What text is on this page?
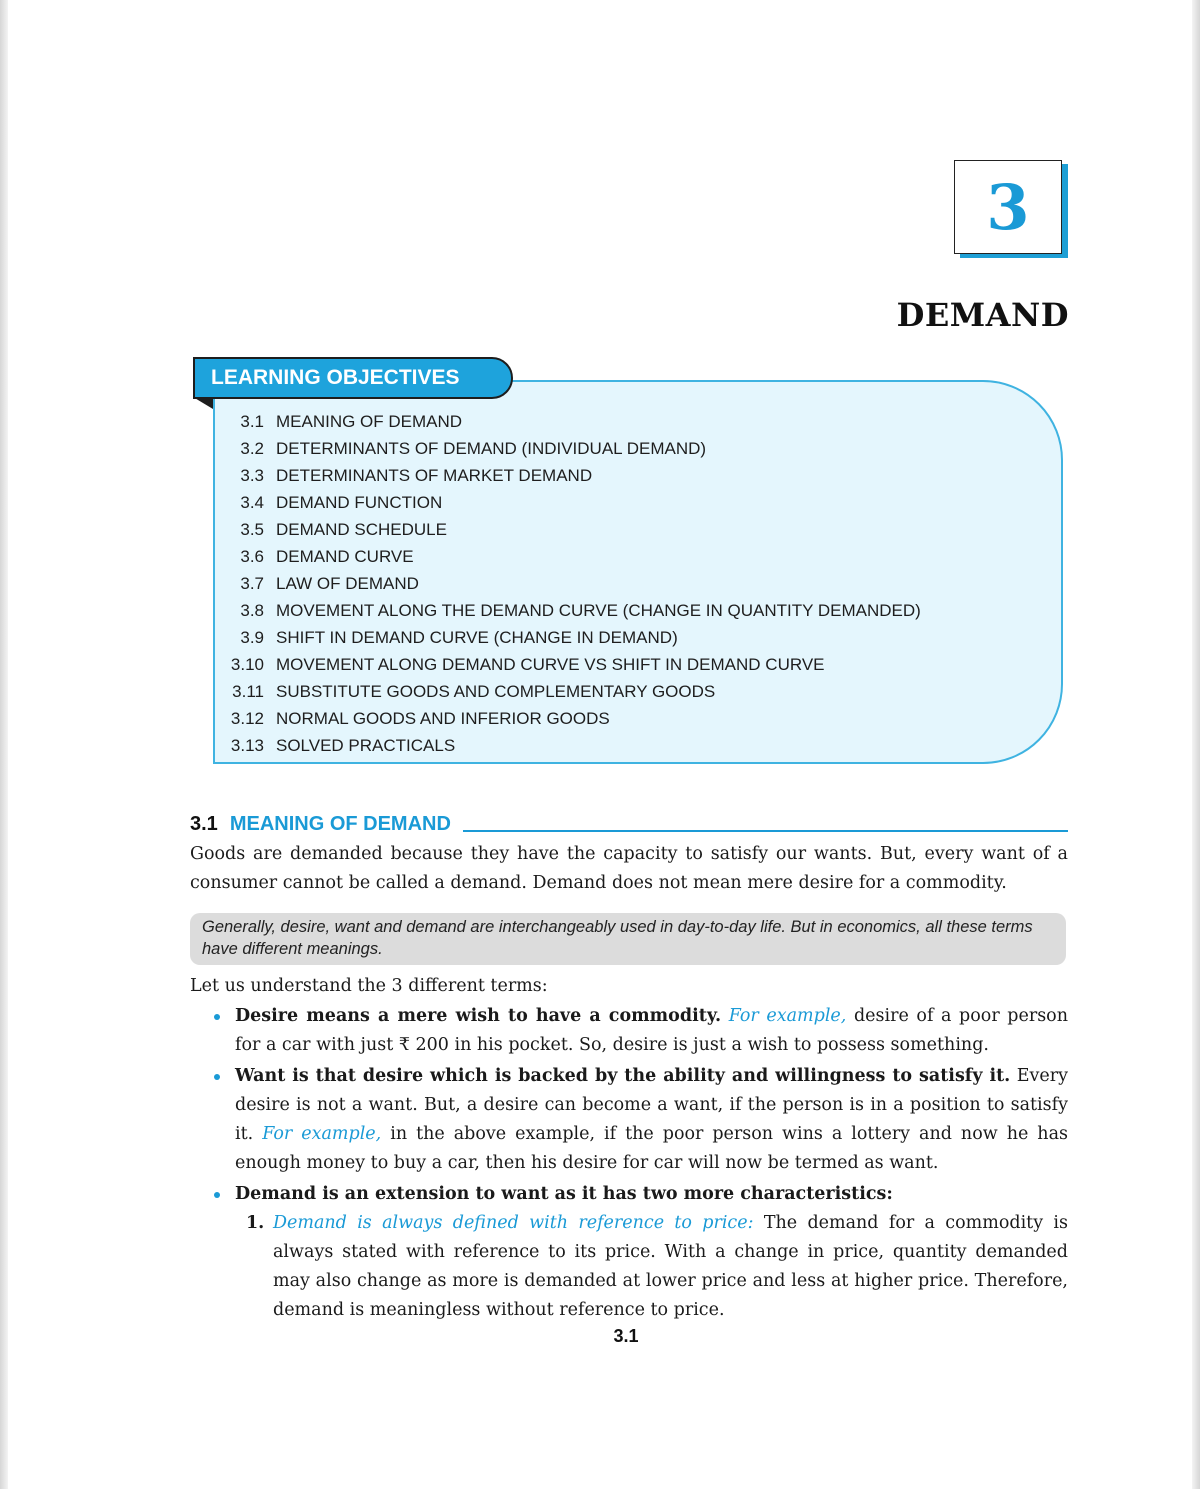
3
DEMAND
LEARNING OBJECTIVES
3.1 MEANING OF DEMAND
3.2 DETERMINANTS OF DEMAND (INDIVIDUAL DEMAND)
3.3 DETERMINANTS OF MARKET DEMAND
3.4 DEMAND FUNCTION
3.5 DEMAND SCHEDULE
3.6 DEMAND CURVE
3.7 LAW OF DEMAND
3.8 MOVEMENT ALONG THE DEMAND CURVE (CHANGE IN QUANTITY DEMANDED)
3.9 SHIFT IN DEMAND CURVE (CHANGE IN DEMAND)
3.10 MOVEMENT ALONG DEMAND CURVE VS SHIFT IN DEMAND CURVE
3.11 SUBSTITUTE GOODS AND COMPLEMENTARY GOODS
3.12 NORMAL GOODS AND INFERIOR GOODS
3.13 SOLVED PRACTICALS
3.1 MEANING OF DEMAND

Goods are demanded because they have the capacity to satisfy our wants. But, every want of a consumer cannot be called a demand. Demand does not mean mere desire for a commodity.

Generally, desire, want and demand are interchangeably used in day-to-day life. But in economics, all these terms have different meanings.

Let us understand the 3 different terms:

Desire means a mere wish to have a commodity. For example, desire of a poor person for a car with just ₹ 200 in his pocket. So, desire is just a wish to possess something.
Want is that desire which is backed by the ability and willingness to satisfy it. Every desire is not a want. But, a desire can become a want, if the person is in a position to satisfy it. For example, in the above example, if the poor person wins a lottery and now he has enough money to buy a car, then his desire for car will now be termed as want.
Demand is an extension to want as it has two more characteristics:
1. Demand is always defined with reference to price: The demand for a commodity is always stated with reference to its price. With a change in price, quantity demanded may also change as more is demanded at lower price and less at higher price. Therefore, demand is meaningless without reference to price.
3.1
